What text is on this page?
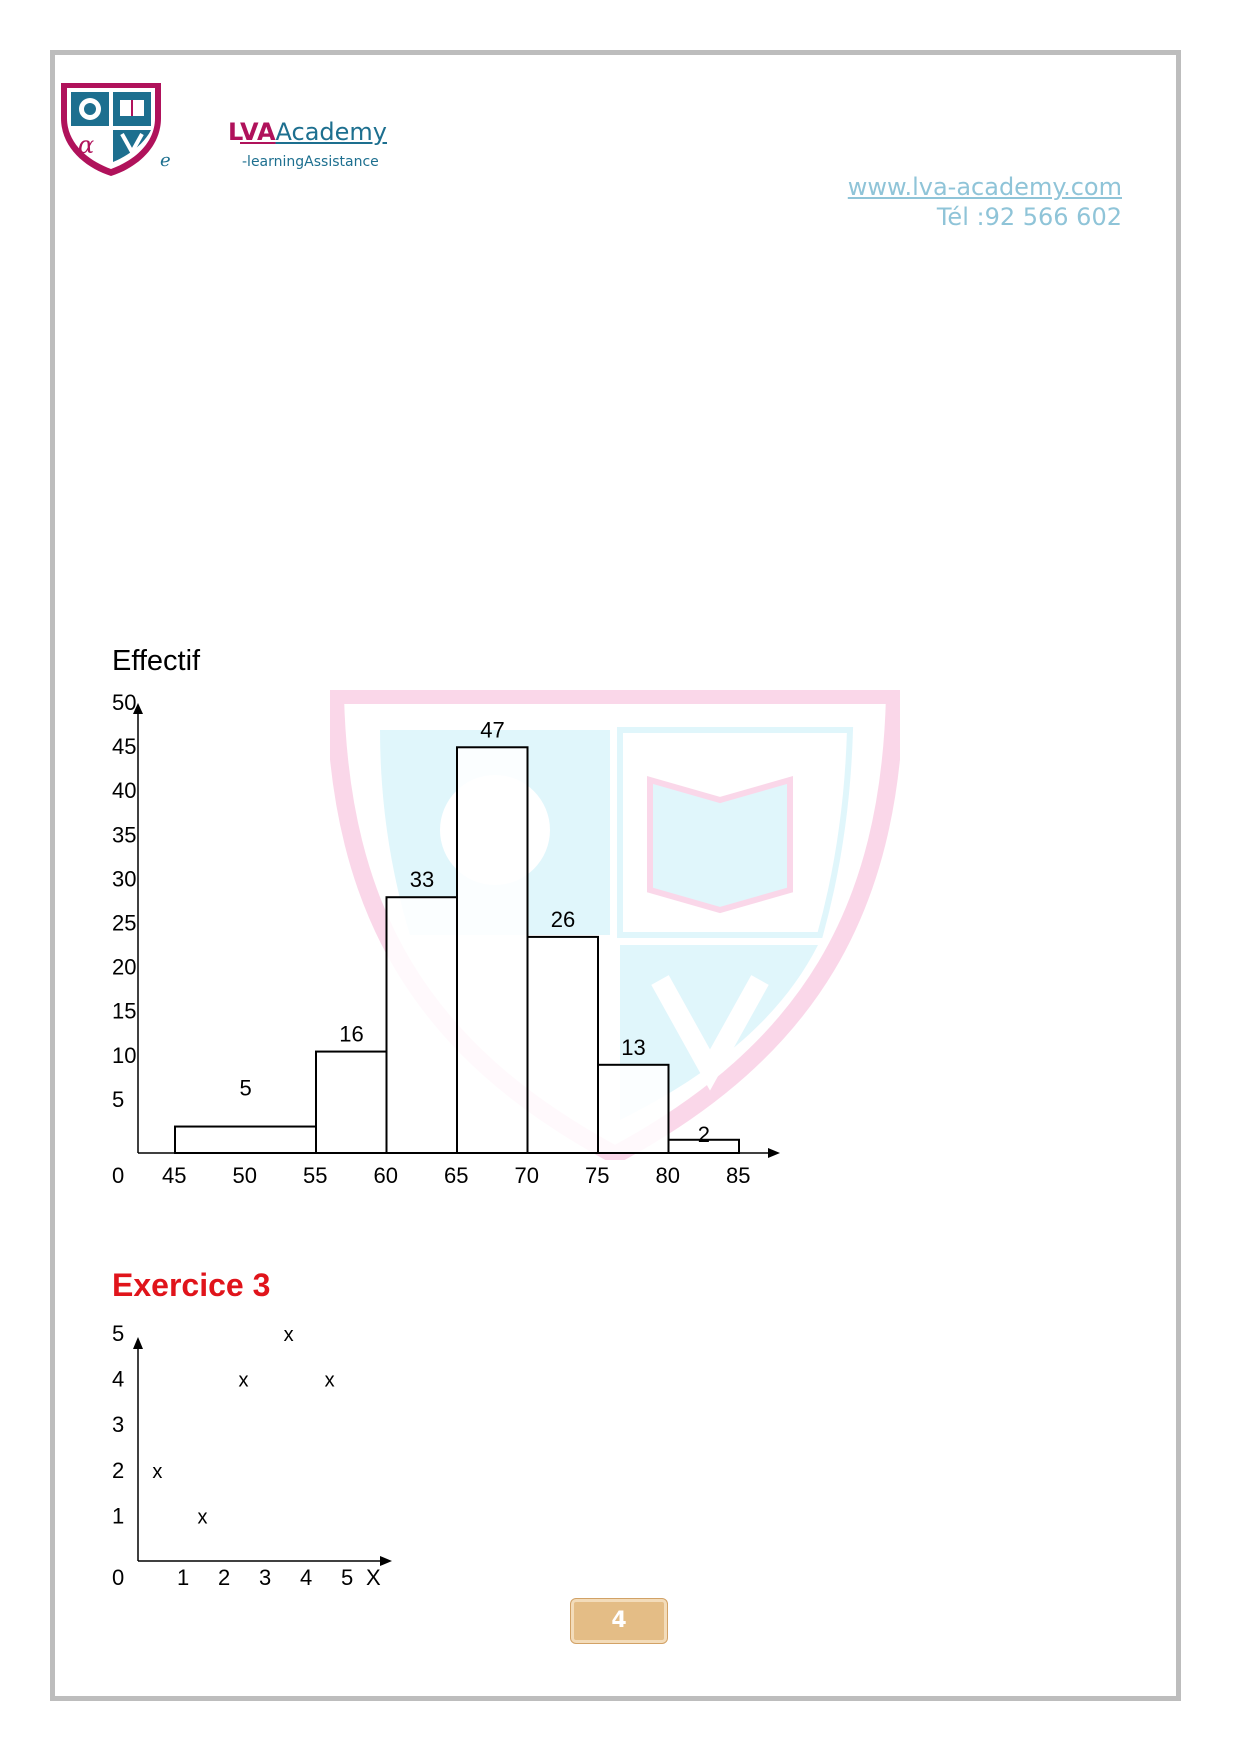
α
e
LVAAcademy
-learningAssistance
www.lva-academy.com
Tél :92 566 602
Effectif
Exercice 3
0
5
10
15
20
25
30
35
40
45
50
45 50 55 60 65 70 75 80 85
5
16
33
47
26
13
2
1
2
3
4
5
0 1 2 3 4 5 X
x
x
x
x
x
4
